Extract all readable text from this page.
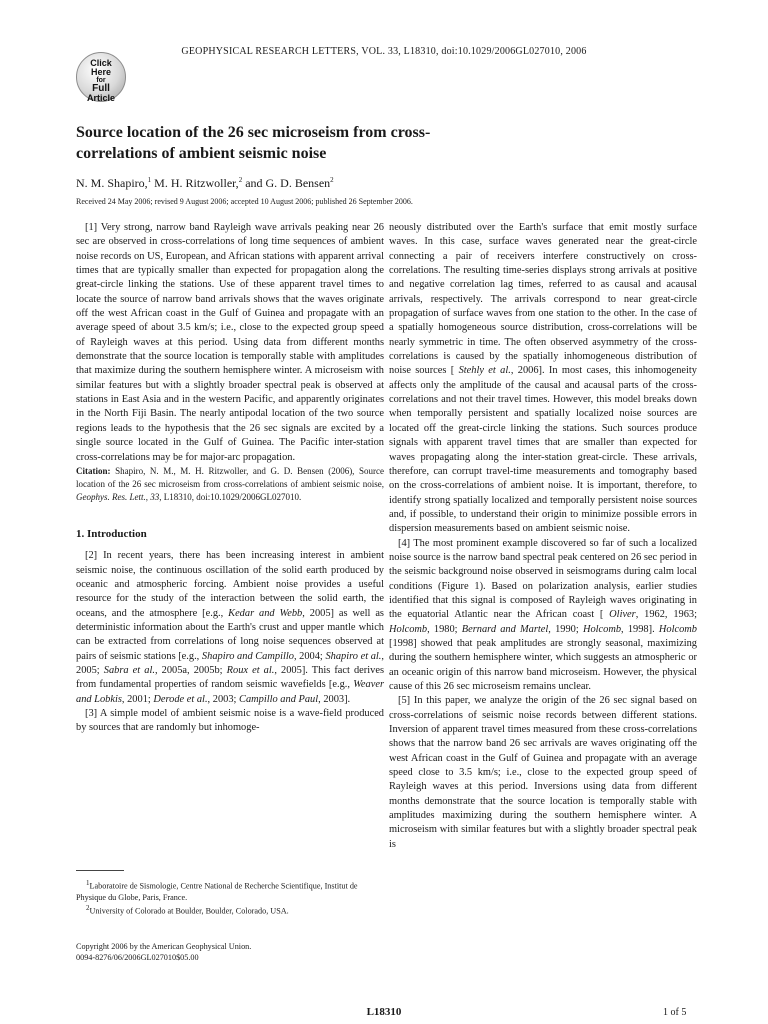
GEOPHYSICAL RESEARCH LETTERS, VOL. 33, L18310, doi:10.1029/2006GL027010, 2006
Click
Here
for
Full
Article
Source location of the 26 sec microseism from cross-correlations of ambient seismic noise
N. M. Shapiro,$^1$ M. H. Ritzwoller,$^2$ and G. D. Bensen$^2$
Received 24 May 2006; revised 9 August 2006; accepted 10 August 2006; published 26 September 2006.

[1] Very strong, narrow band Rayleigh wave arrivals peaking near 26 sec are observed in cross-correlations of long time sequences of ambient noise records on US, European, and African stations with apparent arrival times that are typically smaller than expected for propagation along the great-circle linking the stations. Use of these apparent travel times to locate the source of narrow band arrivals shows that the waves originate off the west African coast in the Gulf of Guinea and propagate with an average speed of about 3.5 km/s; i.e., close to the expected group speed of Rayleigh waves at this period. Using data from different months demonstrate that the source location is temporally stable with amplitudes that maximize during the southern hemisphere winter. A microseism with similar features but with a slightly broader spectral peak is observed at stations in East Asia and in the western Pacific, and apparently originates in the North Fiji Basin. The nearly antipodal location of the two source regions leads to the hypothesis that the 26 sec signals are excited by a single source located in the Gulf of Guinea. The Pacific inter-station cross-correlations may be for major-arc propagation.

Citation: Shapiro, N. M., M. H. Ritzwoller, and G. D. Bensen (2006), Source location of the 26 sec microseism from cross-correlations of ambient seismic noise, Geophys. Res. Lett., 33, L18310, doi:10.1029/2006GL027010.

1. Introduction

[2] In recent years, there has been increasing interest in ambient seismic noise, the continuous oscillation of the solid earth produced by oceanic and atmospheric forcing. Ambient noise provides a useful resource for the study of the interaction between the solid earth, the oceans, and the atmosphere [e.g., Kedar and Webb, 2005] as well as deterministic information about the Earth's crust and upper mantle which can be extracted from correlations of long noise sequences observed at pairs of seismic stations [e.g., Shapiro and Campillo, 2004; Shapiro et al., 2005; Sabra et al., 2005a, 2005b; Roux et al., 2005]. This fact derives from fundamental properties of random seismic wavefields [e.g., Weaver and Lobkis, 2001; Derode et al., 2003; Campillo and Paul, 2003].

[3] A simple model of ambient seismic noise is a wave-field produced by sources that are randomly but inhomoge-

neously distributed over the Earth's surface that emit mostly surface waves. In this case, surface waves generated near the great-circle connecting a pair of receivers interfere constructively on cross-correlations. The resulting time-series displays strong arrivals at positive and negative correlation lag times, referred to as causal and acausal arrivals, respectively. The arrivals correspond to near great-circle propagation of surface waves from one station to the other. In the case of a spatially homogeneous source distribution, cross-correlations will be nearly symmetric in time. The often observed asymmetry of the cross-correlations is caused by the spatially inhomogeneous distribution of noise sources [ Stehly et al., 2006]. In most cases, this inhomogeneity affects only the amplitude of the causal and acausal parts of the cross-correlations and not their travel times. However, this model breaks down when temporally persistent and spatially localized noise sources are located off the great-circle linking the stations. Such sources produce signals with apparent travel times that are smaller than expected for waves propagating along the inter-station great-circle. These arrivals, therefore, can corrupt travel-time measurements and tomography based on the cross-correlations of ambient noise. It is important, therefore, to identify strong spatially localized and temporally persistent noise sources and, if possible, to understand their origin to minimize possible errors in dispersion measurements based on ambient seismic noise.

[4] The most prominent example discovered so far of such a localized noise source is the narrow band spectral peak centered on 26 sec period in the seismic background noise observed in seismograms during calm local conditions (Figure 1). Based on polarization analysis, earlier studies identified that this signal is composed of Rayleigh waves originating in the equatorial Atlantic near the African coast [ Oliver, 1962, 1963; Holcomb, 1980; Bernard and Martel, 1990; Holcomb, 1998]. Holcomb [1998] showed that peak amplitudes are strongly seasonal, maximizing during the southern hemisphere winter, which suggests an atmospheric or an oceanic origin of this narrow band microseism. However, the physical cause of this 26 sec microseism remains unclear.

[5] In this paper, we analyze the origin of the 26 sec signal based on cross-correlations of seismic noise records between different stations. Inversion of apparent travel times measured from these cross-correlations shows that the narrow band 26 sec arrivals are waves originating off the west African coast in the Gulf of Guinea and propagate with an average speed close to 3.5 km/s; i.e., close to the expected group speed of Rayleigh waves at this period. Inversions using data from different months demonstrate that the source location is temporally stable with amplitudes maximizing during the southern hemisphere winter. A microseism with similar features but with a slightly broader spectral peak is

$^1$Laboratoire de Sismologie, Centre National de Recherche Scientifique, Institut de Physique du Globe, Paris, France.
$^2$University of Colorado at Boulder, Boulder, Colorado, USA.
Copyright 2006 by the American Geophysical Union.
0094-8276/06/2006GL027010$05.00
L18310	1 of 5
